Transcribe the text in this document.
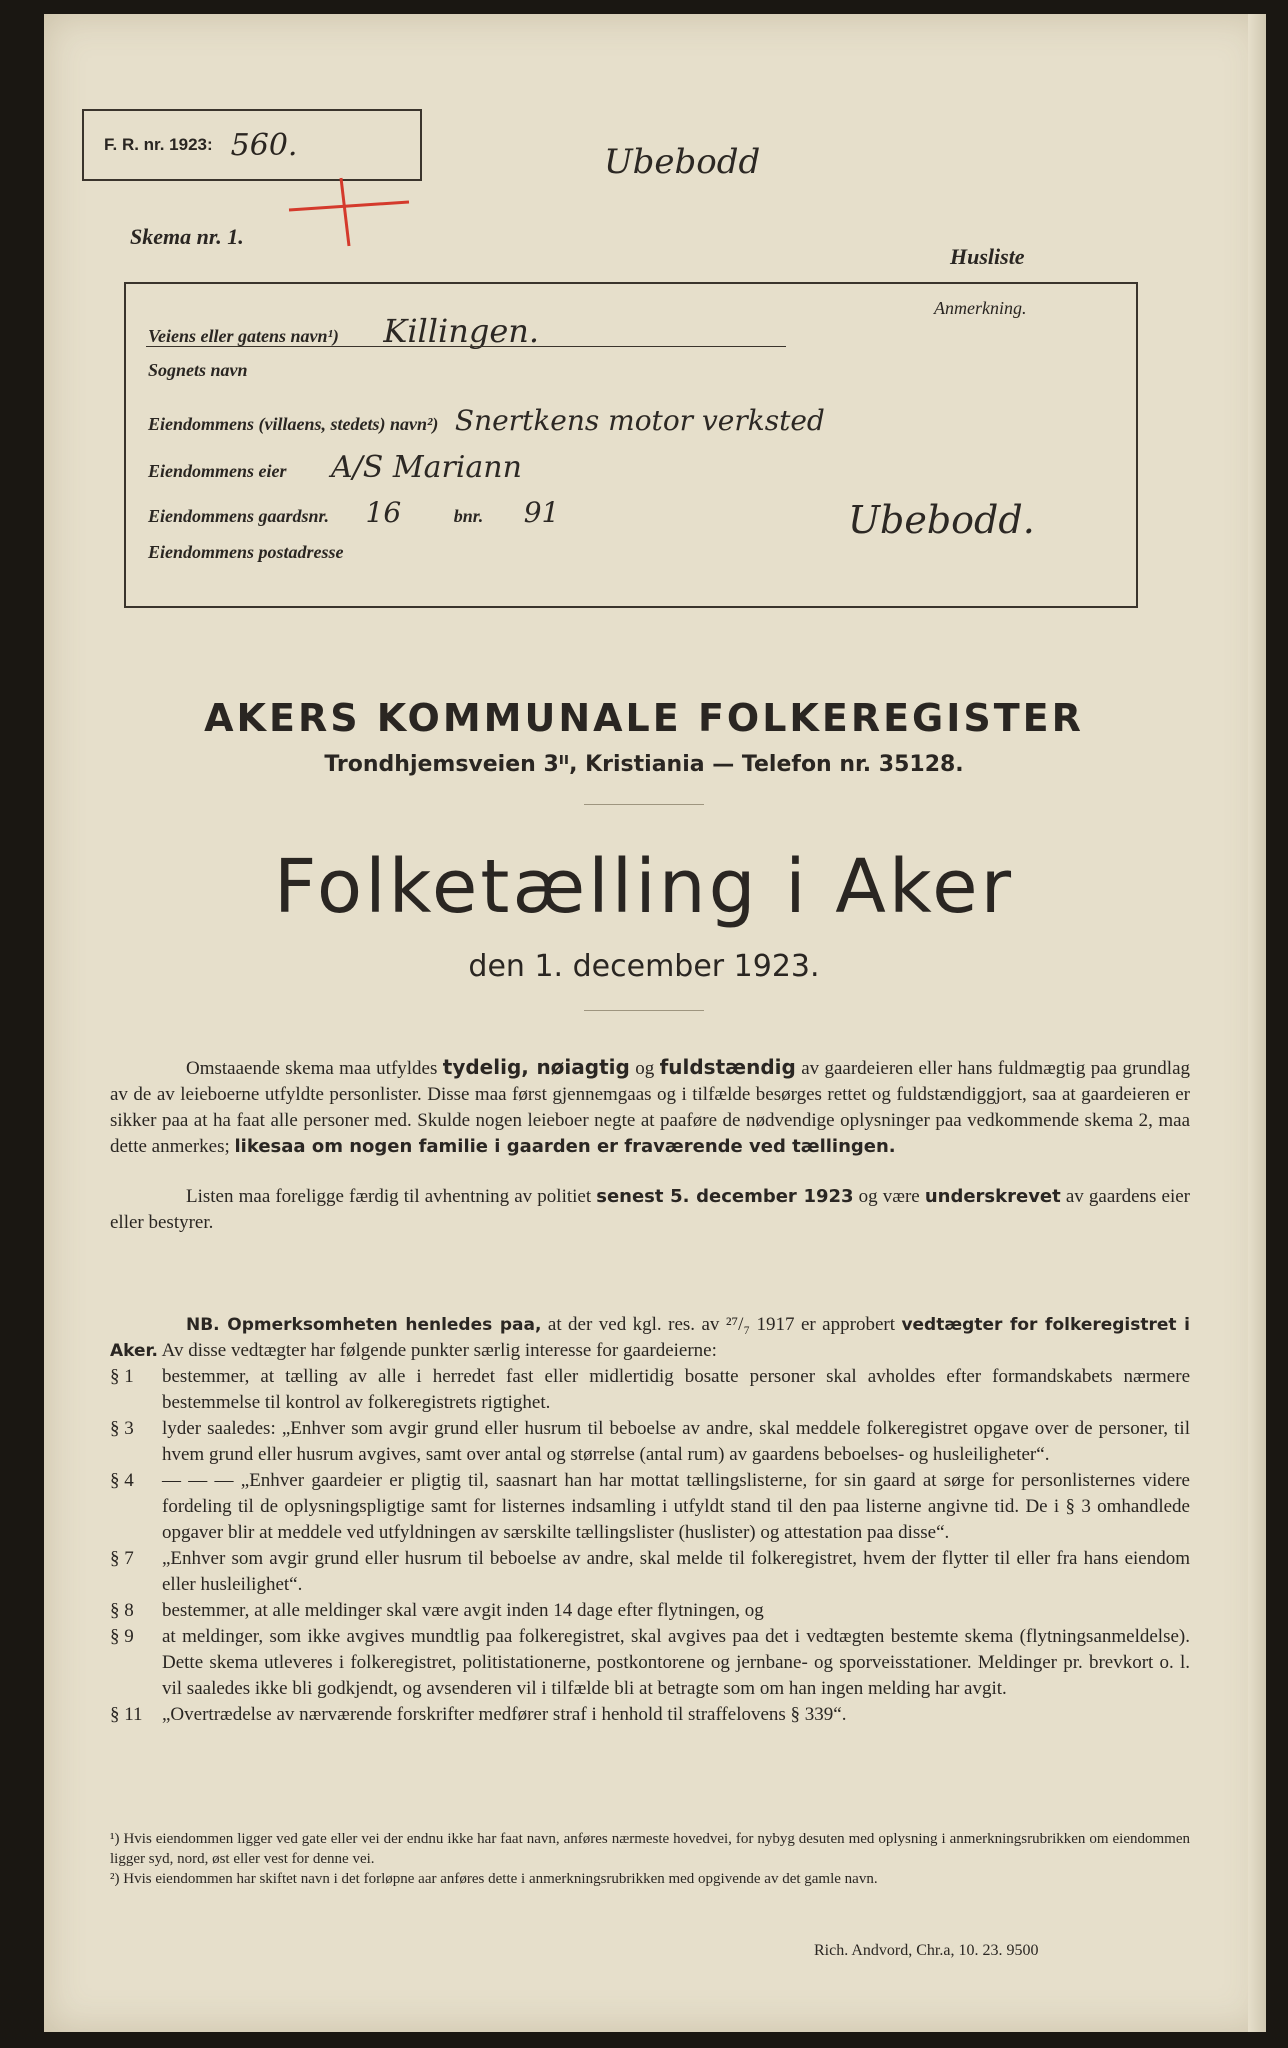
F. R. nr. 1923: 560.	Ubebodd
Skema nr. 1.
Husliste
Anmerkning.
Veiens eller gatens navn¹) Killingen.
Sognets navn
Eiendommens (villaens, stedets) navn²) Snertkens motor verksted
Eiendommens eier A/S Mariann
Eiendommens gaardsnr. 16	bnr. 91
Eiendommens postadresse
Ubebodd.
AKERS KOMMUNALE FOLKEREGISTER
Trondhjemsveien 3ᴵᴵ, Kristiania — Telefon nr. 35128.
Folketælling i Aker
den 1. december 1923.
Omstaaende skema maa utfyldes tydelig, nøiagtig og fuldstændig av gaardeieren eller hans fuldmægtig paa grundlag av de av leieboerne utfyldte personlister. Disse maa først gjennemgaas og i tilfælde besørges rettet og fuldstændiggjort, saa at gaardeieren er sikker paa at ha faat alle personer med. Skulde nogen leieboer negte at paaføre de nødvendige oplysninger paa vedkommende skema 2, maa dette anmerkes; likesaa om nogen familie i gaarden er fraværende ved tællingen.
Listen maa foreligge færdig til avhentning av politiet senest 5. december 1923 og være underskrevet av gaardens eier eller bestyrer.
NB. Opmerksomheten henledes paa, at der ved kgl. res. av ²⁷/₇ 1917 er approbert vedtægter for folkeregistret i Aker. Av disse vedtægter har følgende punkter særlig interesse for gaardeierne:
§ 1	bestemmer, at tælling av alle i herredet fast eller midlertidig bosatte personer skal avholdes efter formandskabets nærmere bestemmelse til kontrol av folkeregistrets rigtighet.
§ 3	lyder saaledes: „Enhver som avgir grund eller husrum til beboelse av andre, skal meddele folkeregistret opgave over de personer, til hvem grund eller husrum avgives, samt over antal og størrelse (antal rum) av gaardens beboelses- og husleiligheter“.
§ 4	— — — „Enhver gaardeier er pligtig til, saasnart han har mottat tællingslisterne, for sin gaard at sørge for personlisternes videre fordeling til de oplysningspligtige samt for listernes indsamling i utfyldt stand til den paa listerne angivne tid. De i § 3 omhandlede opgaver blir at meddele ved utfyldningen av særskilte tællingslister (huslister) og attestation paa disse“.
§ 7	„Enhver som avgir grund eller husrum til beboelse av andre, skal melde til folkeregistret, hvem der flytter til eller fra hans eiendom eller husleilighet“.
§ 8	bestemmer, at alle meldinger skal være avgit inden 14 dage efter flytningen, og
§ 9	at meldinger, som ikke avgives mundtlig paa folkeregistret, skal avgives paa det i vedtægten bestemte skema (flytningsanmeldelse). Dette skema utleveres i folkeregistret, politistationerne, postkontorene og jernbane- og sporveisstationer. Meldinger pr. brevkort o. l. vil saaledes ikke bli godkjendt, og avsenderen vil i tilfælde bli at betragte som om han ingen melding har avgit.
§ 11	„Overtrædelse av nærværende forskrifter medfører straf i henhold til straffelovens § 339“.
¹) Hvis eiendommen ligger ved gate eller vei der endnu ikke har faat navn, anføres nærmeste hovedvei, for nybyg desuten med oplysning i anmerkningsrubrikken om eiendommen ligger syd, nord, øst eller vest for denne vei.
²) Hvis eiendommen har skiftet navn i det forløpne aar anføres dette i anmerkningsrubrikken med opgivende av det gamle navn.
Rich. Andvord, Chr.a, 10. 23. 9500
